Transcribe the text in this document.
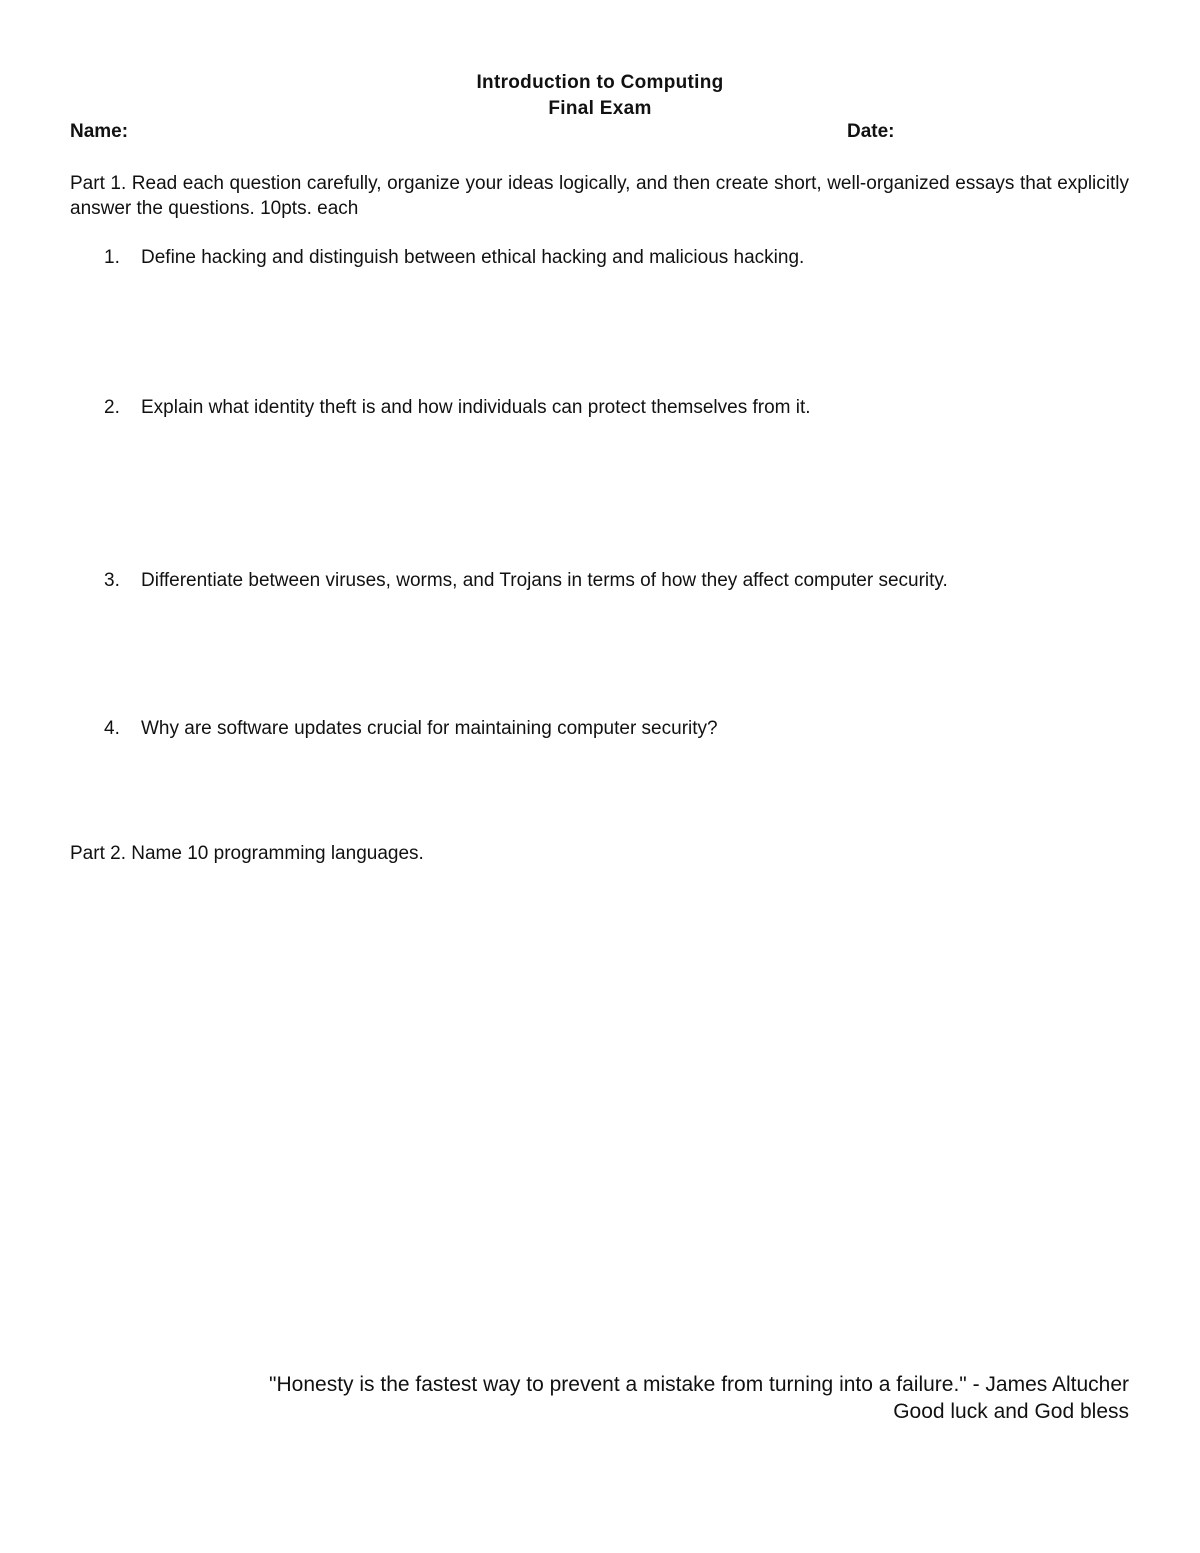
Introduction to Computing
Final Exam
Name:	Date:
Part 1. Read each question carefully, organize your ideas logically, and then create short, well-organized essays that explicitly answer the questions. 10pts. each
1. Define hacking and distinguish between ethical hacking and malicious hacking.
2. Explain what identity theft is and how individuals can protect themselves from it.
3. Differentiate between viruses, worms, and Trojans in terms of how they affect computer security.
4. Why are software updates crucial for maintaining computer security?
Part 2. Name 10 programming languages.
"Honesty is the fastest way to prevent a mistake from turning into a failure." - James Altucher
Good luck and God bless
